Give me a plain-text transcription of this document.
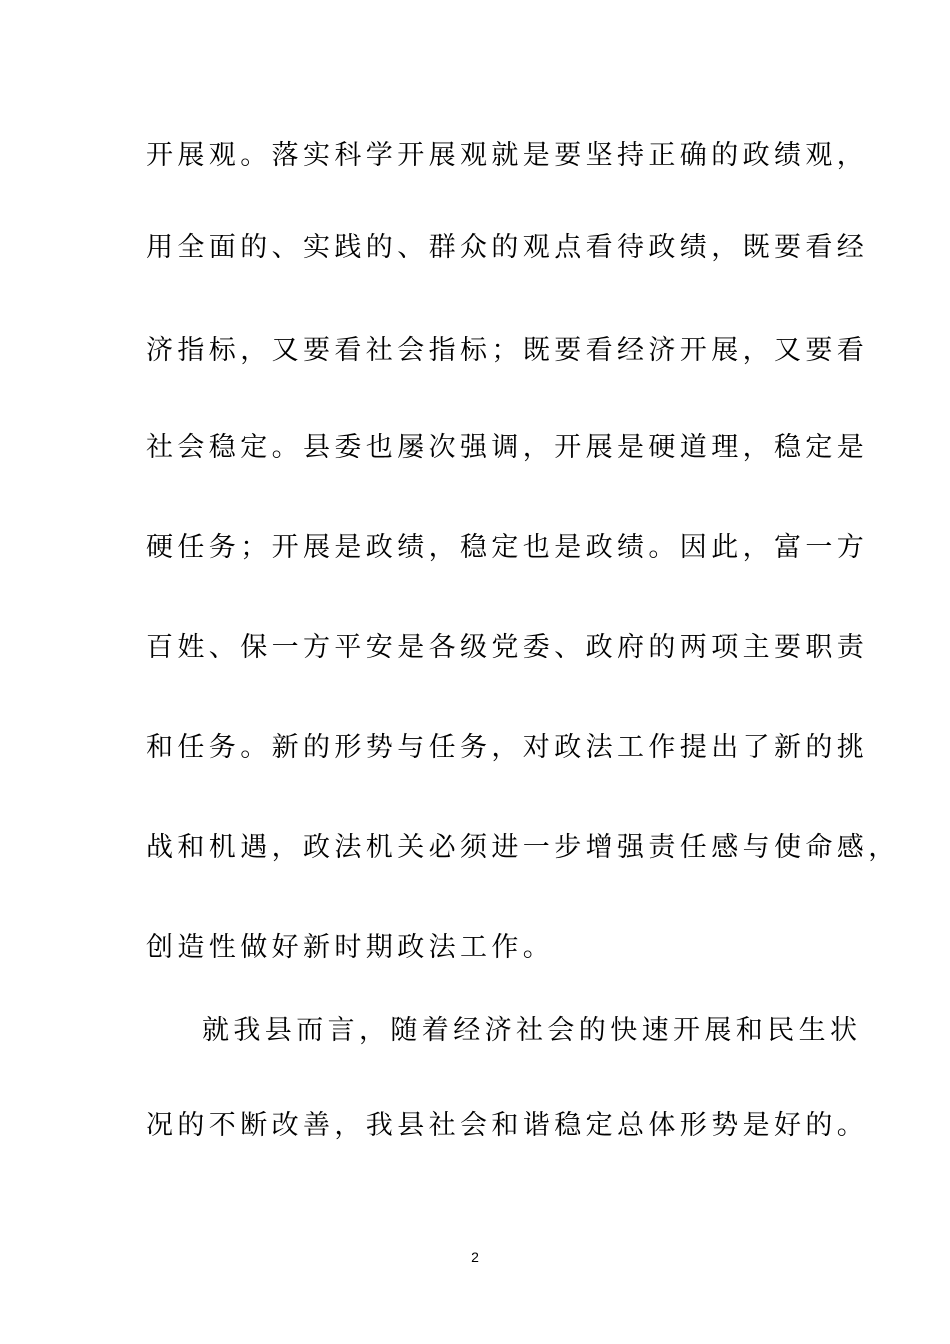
开展观。落实科学开展观就是要坚持正确的政绩观，
用全面的、实践的、群众的观点看待政绩，既要看经
济指标，又要看社会指标；既要看经济开展，又要看
社会稳定。县委也屡次强调，开展是硬道理，稳定是
硬任务；开展是政绩，稳定也是政绩。因此，富一方
百姓、保一方平安是各级党委、政府的两项主要职责
和任务。新的形势与任务，对政法工作提出了新的挑
战和机遇，政法机关必须进一步增强责任感与使命感，
创造性做好新时期政法工作。
就我县而言，随着经济社会的快速开展和民生状
况的不断改善，我县社会和谐稳定总体形势是好的。
2
